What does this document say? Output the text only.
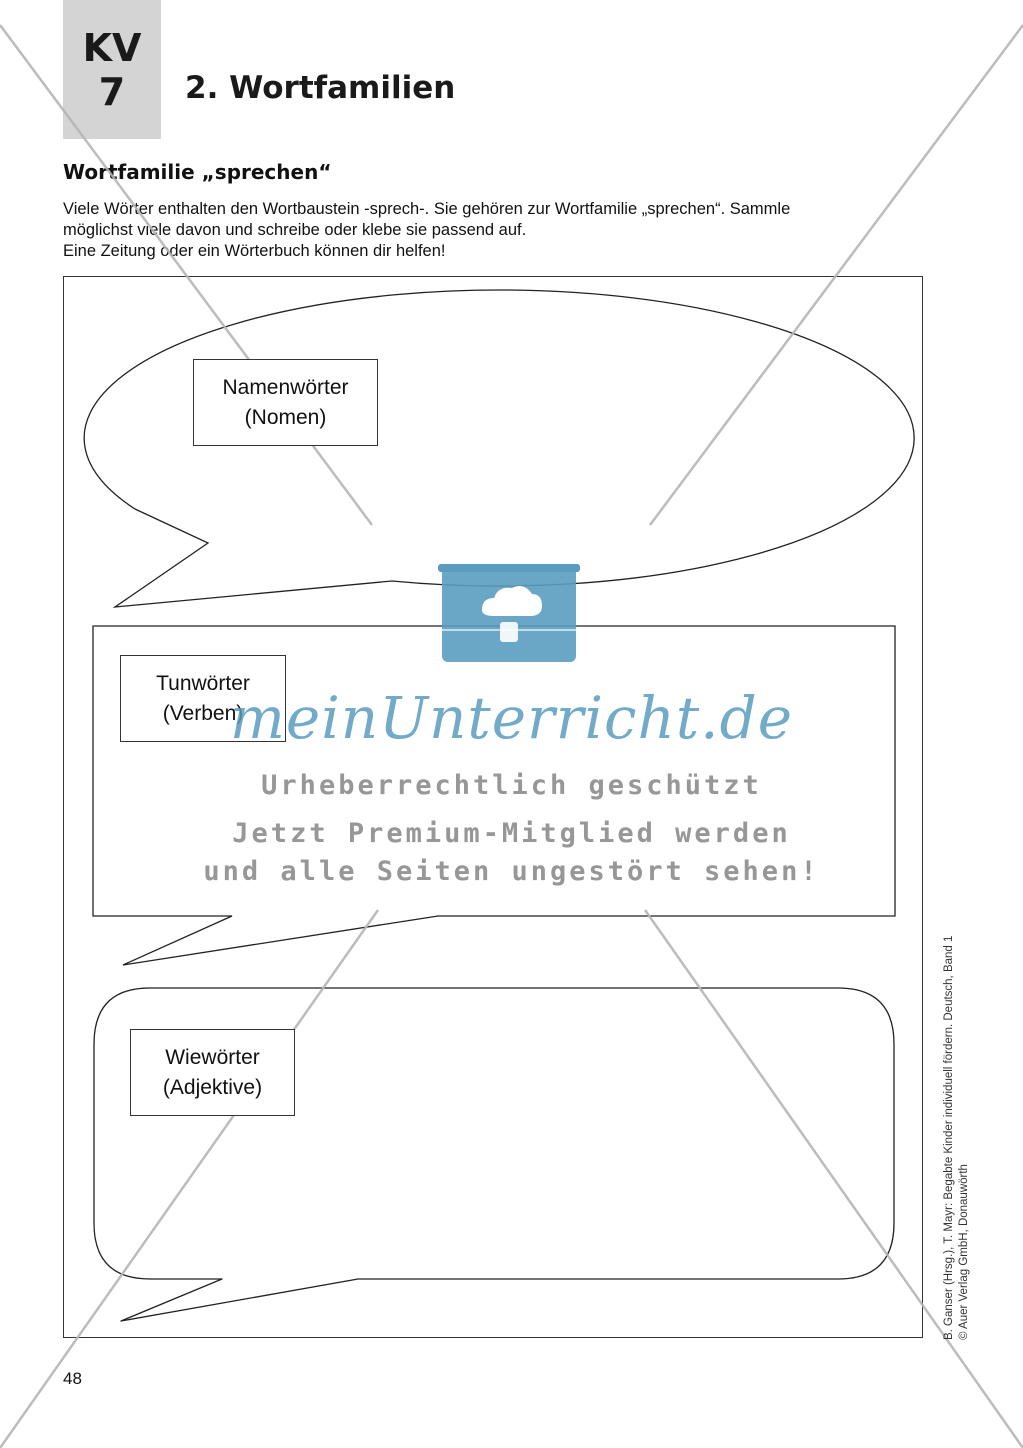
KV
7 2. Wortfamilien
Wortfamilie „sprechen“
Viele Wörter enthalten den Wortbaustein -sprech-. Sie gehören zur Wortfamilie „sprechen“. Sammle
möglichst viele davon und schreibe oder klebe sie passend auf.
Eine Zeitung oder ein Wörterbuch können dir helfen!
Namenwörter
(Nomen)
Tunwörter
(Verben)
Wiewörter
(Adjektive)
meinUnterricht.de
Urheberrechtlich geschützt
Jetzt Premium-Mitglied werden
und alle Seiten ungestört sehen!
B. Ganser (Hrsg.), T. Mayr: Begabte Kinder individuell fördern. Deutsch, Band 1 © Auer Verlag GmbH, Donauwörth
48
